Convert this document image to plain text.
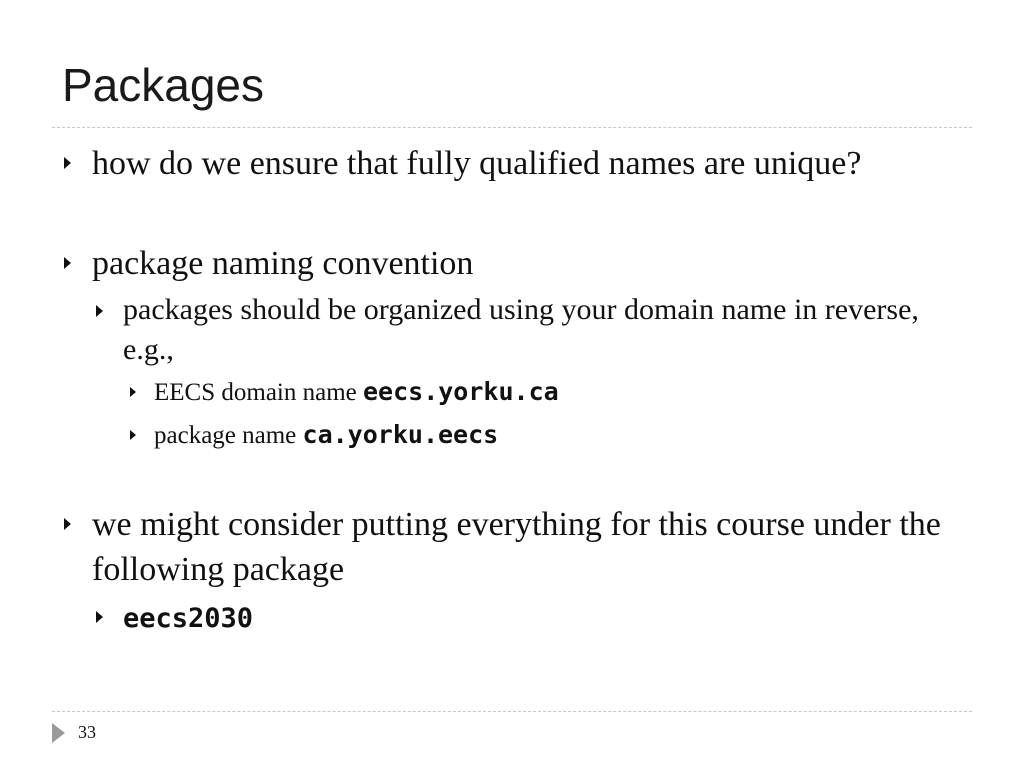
Packages
how do we ensure that fully qualified names are unique?
package naming convention
packages should be organized using your domain name in reverse, e.g.,
EECS domain name eecs.yorku.ca
package name ca.yorku.eecs
we might consider putting everything for this course under the following package
eecs2030
33
